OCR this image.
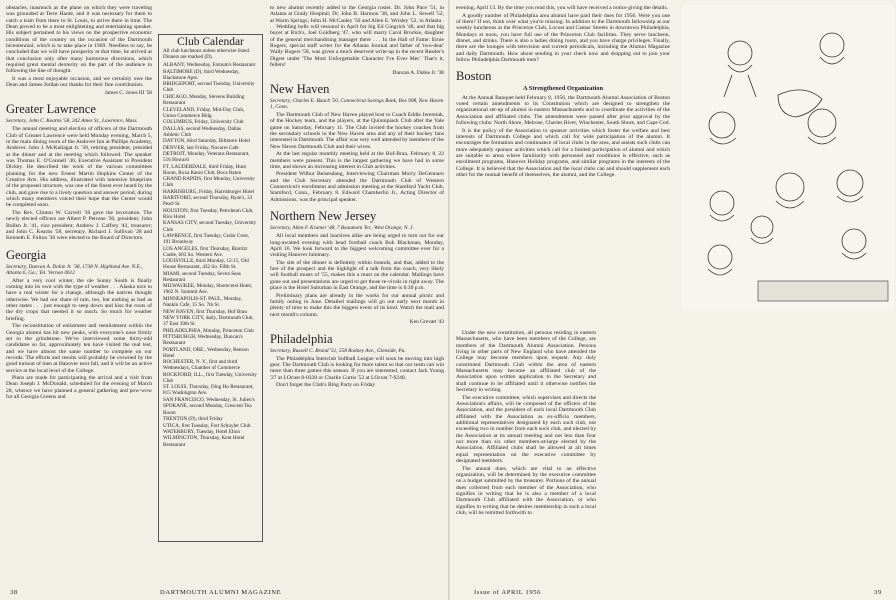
obstacles, inasmuch as the plane on which they were traveling was grounded at Terre Haute, and it was necessary for them to catch a train from there to St. Louis, to arrive there in time. The Dean proved to be a most enlightening and entertaining speaker. His subject pertained to his views on the prospective economic conditions of the country on the occasion of the Dartmouth bicentennial, which is to take place in 1969. Needless to say, he concluded that we will have prosperity at that time, he arrived at that conclusion only after many humorous diversions, which required great mental dexterity on the part of the audience in following the line of thought.

It was a most enjoyable occasion, and we certainly owe the Dean and James Jordan our thanks for their fine contribution.

James C. Jones III '58
Greater Lawrence
Secretary, John C. Kearns '58, 342 Ames St., Lawrence, Mass.

The annual meeting and election of officers of the Dartmouth Club of Greater Lawrence were held Monday evening, March 5, in the main dining room of the Andover Inn at Phillips Academy, Andover. John J. McKallagat Jr. '38, retiring president, presided at the dinner and at the meeting which followed. The speaker was Thomas E. O'Connell '40, Executive Assistant to President Dickey. He described the work of the various committees planning for the new Ernest Martin Hopkins Center of the Creative Arts. His address, illustrated with intensive blueprints of the proposed structure, was one of the finest ever heard by the club, and gave rise to a lively question and answer period, during which many members voiced their hope that the Center would be completed soon.

The Rev. Clinton W. Carvell '18 gave the invocation. The newly elected officers are Albert P. Petrone '36, president; John Bullen Jr. '41, vice president; Andrew J. Caffrey '43, treasurer; and John C. Kearns '58, secretary. Richard J. Sullivan '28 and Kenneth E. Fulton '36 were elected to the Board of Directors.

Georgia
Secretary, Duncan A. Dobie Jr. '38, 1738 N. Highland Ave. N.E., Atlanta 6, Ga.; Tel. Vernon 0612

After a very cool winter, the ole Sunny South is finally coming into its own with the type of weather . . . Alaska nice to have a real winter for a change, although the natives thought otherwise. We had our share of rain, too, but nothing as bad as other states . . . just enough to seep down and kiss the roots of the dry crops that needed it so much. So much for weather briefing.

The reconstitution of enlistment and reenlistment within the Georgia alumni has hit new peaks, with everyone's nose firmly set to the grindstone. We've interviewed some thirty-odd candidates so far, approximately ten have visited the real test, and we have almost the same number to complete on our records. The efforts and results will probably be crowned by the good turnout of men at Hanover next fall, and it will be an active service at the local level of the College.

Plans are made for participating the arrival and a visit from Dean Joseph J. McDonald, scheduled for the evening of March 28, whence we have planned a general gathering and pow-wow for all Georgia Greens and

Club Calendar
All club luncheons unless otherwise listed. Dinners are marked (D).
ALBANY, Wednesday, Farnum's Restaurant
BALTIMORE (D), third Wednesday, Blackstone Apts.
BRIDGEPORT, second Tuesday, University Club
CHICAGO, Monday, Stevens Building Restaurant
CLEVELAND, Friday, Mid-Day Club, Union Commerce Bldg.
COLUMBUS, Friday, University Club
DALLAS, second Wednesday, Dallas Athletic Club
DAYTON, third Saturday, Biltmore Hotel
DENVER, last Friday, Navarre Cafe
DETROIT, Monday, Veterans Restaurant, 516 Howard
FT. LAUDERDALE, third Friday, Hunt Room, Roxa Raton Club, Boca Raton
GRAND RAPIDS, first Monday, University Club
HARRISBURG, Friday, Harrisburger Hotel
HARTFORD, second Thursday, Ryan's, 33 Pearl St.
HOUSTON, first Tuesday, Petroleum Club, Rice Hotel
KANSAS CITY, second Tuesday, University Club
LAWRENCE, first Tuesday, Cedar Crest, 191 Broadway
LOS ANGELES, first Thursday, Biarritz Castle, 603 So. Western Ave.
LOUISVILLE, third Monday, 12:15, Old House Restaurant, 432 So. Fifth St.
MIAMI, second Tuesday, Seven Seas Restaurant
MILWAUKEE, Monday, Shorecrest Hotel, 1962 N. Summit Ave.
MINNEAPOLIS-ST. PAUL, Monday, Nankin Cafe, 15 So. 7th St.
NEW HAVEN, first Thursday, Hof Brau
NEW YORK CITY, daily, Dartmouth Club, 37 East 39th St.
PHILADELPHIA, Monday, Princeton Club
PITTSBURGH, Wednesday, Duncan's Restaurant
PORTLAND, ORE., Wednesday, Benson Hotel
ROCHESTER, N. Y., first and third Wednesdays, Chamber of Commerce
ROCKFORD, ILL., first Tuesday, University Club
ST. LOUIS, Thursday, Ding Ho Restaurant, 815 Washington Ave.
SAN FRANCISCO, Wednesday, St. Julien's
SPOKANE, second Monday, Crescent Tea Room
TRENTON (D), third Friday
UTICA, first Tuesday, Fort Schuyler Club
WATERBURY, Tuesday, Hotel Elton
WILMINGTON, Thursday, Kent Hotel Restaurant

to new alumni recently added to the Georgia roster. Dr. John Pace '51, in Atlanta at Grady Hospital; Dr. John B. Harmon '38, and John L. Sewell '52, at Warm Springs; John H. McCauley '50 and Allen E. Wrisley '52, in Atlanta . . . Wedding bells will resound in April for big Ed Gingrich '48, and that big buyer at Rich's, Joel Goldberg '47, who will marry Carol Brockie, daughter of the general merchandising manager there . . . In the Hall of Fame: Ernie Rogers, special staff writer for the Atlanta Journal and father of 'two-dear' Wally Rogers '58, was given a much deserved write-up in the recent Reader's Digest under 'The Most Unforgettable Character I've Ever Met.' That's it, fellers!

Duncan A. Dobie Jr. '38
New Haven
Secretary, Charles E. Bauch '50, Connecticut Savings Bank, Box 908, New Haven 1, Conn.

The Dartmouth Club of New Haven played host to Coach Eddie Jeremiah, of the Hockey team, and the players, at the Quinnipiack Club after the Yale game on Saturday, February 11. The Club invited the hockey coaches from the secondary schools in the New Haven area and any of their hockey fans interested in Dartmouth. The affair was very well attended by members of the New Haven Dartmouth Club and their wives.

At the last regular monthly meeting held at the Hof-Brau, February 8, 22 members were present. This is the largest gathering we have had in some time, and shows an increasing interest in Club activities.

President Wilbur Beisesdang, Interviewing Chairman Morry DeGennaro and the Club Secretary attended the Dartmouth Club of Western Connecticut's enrollment and admission meeting at the Stamford Yacht Club, Stamford, Conn., February 8. Edward Chamberlin Jr., Acting Director of Admissions, was the principal speaker.

Northern New Jersey
Secretary, Allen F. Kramer '48, 7 Beaumont Ter., West Orange, N. J.

All local members and inactives alike are being urged to turn out for our long-awaited evening with head football coach Bob Blackman, Monday, April 16. We look forward to the biggest welcoming committee ever for a visiting Hanover luminary.

The site of the dinner is definitely within bounds, and that, added to the fare of the prospect and the highlight of a talk from the coach, very likely will football musts of '55, makes this a must on the calendar. Mailings have gone out and presentations are urged to get those re-vivals in right away. The place is the Hotel Suburban in East Orange, and the time is 6:30 p.m.

Preliminary plans are already in the works for our annual picnic and family outing in June. Detailed mailings will go out early next month in plenty of time to make this the biggest event of its kind. Watch the mail and next month's column.

Ken Grevatt '43
Philadelphia
Secretary, Russell C. Brand '51, 558 Rodney Ave., Glenside, Pa.

The Philadelphia Interclub Softball League will soon be moving into high gear. The Dartmouth Club is looking for more talent so that our team can win more than three games this season. If you are interested, contact Jack Young '27 at LOcust 8-0330 or Charlie Curtis '52 at LOcust 7-9240.

Don't forget the Club's Ring Party on Friday

38	DARTMOUTH ALUMNI MAGAZINE

evening, April 13. By the time you read this, you will have received a notice giving the details.

A goodly number of Philadelphia area alumni have paid their dues for 1956. Were you one of them? If not, think over what you're missing. In addition to the Dartmouth fellowship at our weekly luncheons at the Princeton Club, Locust and Camac Streets in downtown Philadelphia, Mondays at noon, you have full use of the Princeton Club facilities. They serve luncheon, dinner, and drinks. There is also a ladies dining room, and you have charge privileges. Finally, there are the lounges with television and current periodicals, including the Alumni Magazine and daily Dartmouth. How about sending in your check now and dropping out to join your fellow Philadelphia Dartmouth men?

Boston
A Strengthened Organization

At the Annual Banquet held February 8, 1956, the Dartmouth Alumni Association of Boston voted certain amendments to its Constitution which are designed to strengthen the organizational set-up of alumni in eastern Massachusetts and to coordinate the activities of the Association and affiliated clubs. The amendments were passed after prior approval by the following clubs: North Shore, Melrose, Charles River, Winchester, South Shore, and Cape Cod.

It is the policy of the Association to sponsor activities which foster the welfare and best interests of Dartmouth College and which call for wide participation of the alumni. It encourages the formation and continuance of local clubs in the area, and assists such clubs can more adequately sponsor activities which call for a limited participation of alumni and which are suitable to areas where familiarity with personnel and conditions is effective, such as enrollment programs, Hanover Holiday programs, and similar programs in the interests of the College. It is believed that the Association and the local clubs can and should supplement each other for the mutual benefit of themselves, the alumni, and the College.

Under the new constitution, all persons residing in eastern Massachusetts, who have been members of the College, are members of the Dartmouth Alumni Association. Persons living in other parts of New England who have attended the College may become members upon request. Any duly constituted Dartmouth Club within the area of eastern Massachusetts may become an affiliated club of the Association upon written application to the Secretary and shall continue to be affiliated until it otherwise notifies the Secretary in writing.

The executive committee, which supervises and directs the Association's affairs, will be composed of the officers of the Association, and the president of each local Dartmouth Club affiliated with the Association as ex-officio members, additional representatives designated by each such club, not exceeding two in number from each such club, and elected by the Association at its annual meeting and not less than four nor more than six other members-at-large elected by the Association. Affiliated clubs shall be allowed at all times equal representation on the executive committee by designated members.

The annual dues, which are vital to an effective organization, will be determined by the executive committee on a budget submitted by the treasurer. Portions of the annual dues collected from each member of the Association, who signifies in writing that he is also a member of a local Dartmouth Club affiliated with the Association, or who signifies in writing that he desires membership in such a local club, will be remitted forthwith to

Issue of APRIL 1956	39
